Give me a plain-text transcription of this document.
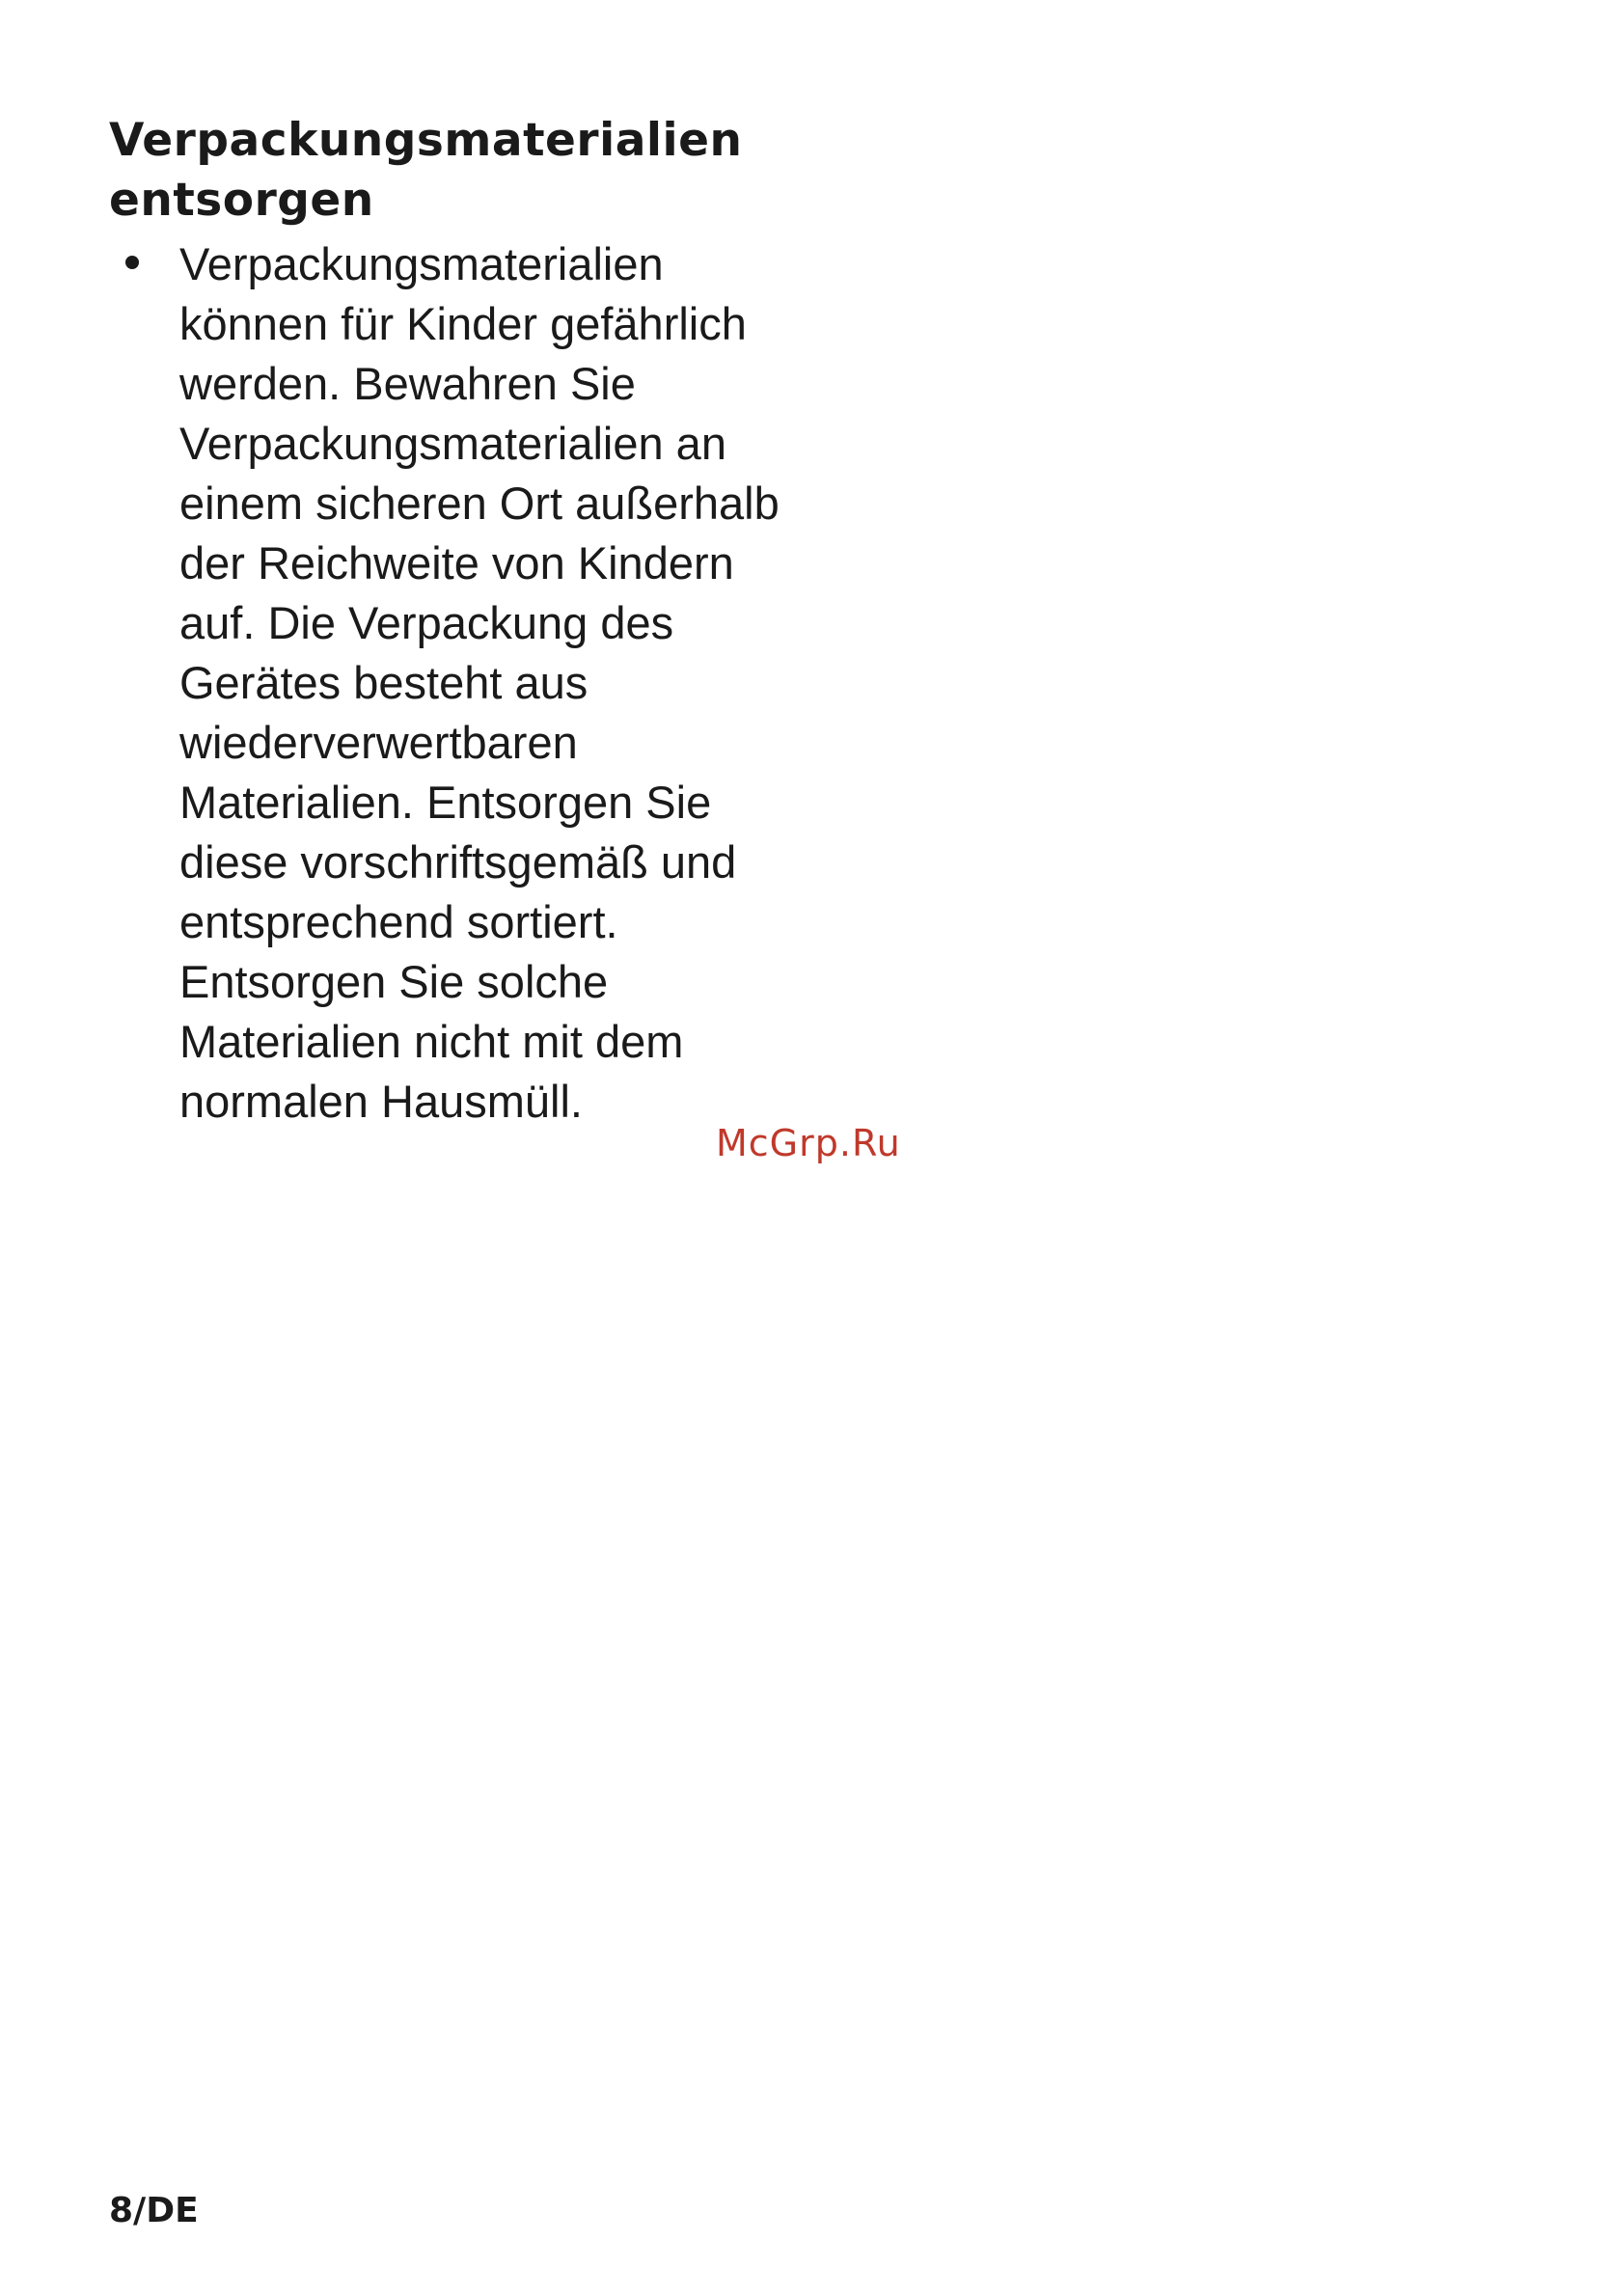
Verpackungsmaterialien
entsorgen
Verpackungsmaterialien
können für Kinder gefährlich
werden. Bewahren Sie
Verpackungsmaterialien an
einem sicheren Ort außerhalb
der Reichweite von Kindern
auf. Die Verpackung des
Gerätes besteht aus
wiederverwertbaren
Materialien. Entsorgen Sie
diese vorschriftsgemäß und
entsprechend sortiert.
Entsorgen Sie solche
Materialien nicht mit dem
normalen Hausmüll.
McGrp.Ru
8/DE
